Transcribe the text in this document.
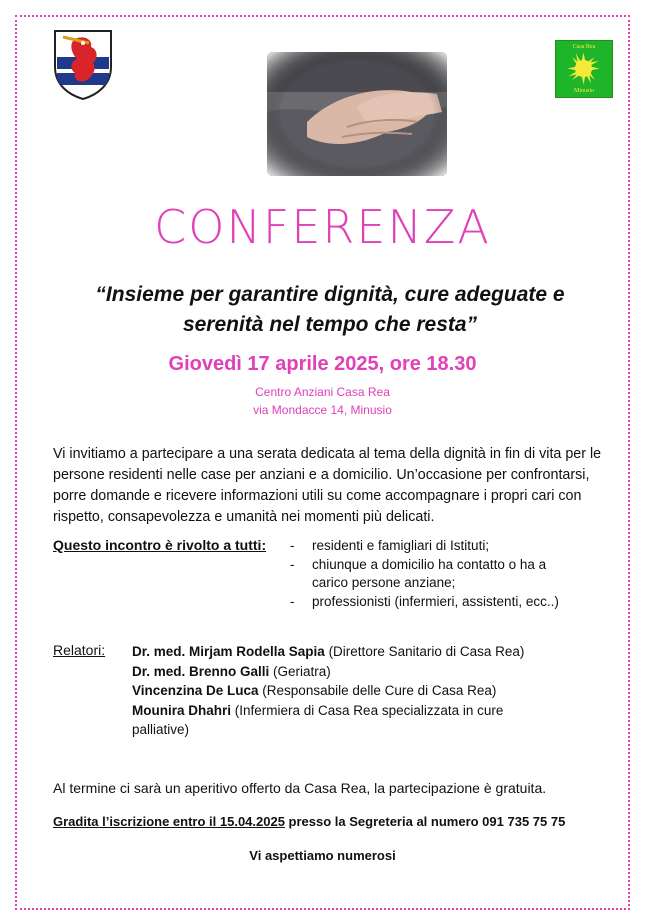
Casa Rea
Minusio
CONFERENZA
“Insieme per garantire dignità, cure adeguate e
serenità nel tempo che resta”
Giovedì 17 aprile 2025, ore 18.30
Centro Anziani Casa Rea
via Mondacce 14, Minusio
Vi invitiamo a partecipare a una serata dedicata al tema della dignità in fin di vita per le persone residenti nelle case per anziani e a domicilio. Un’occasione per confrontarsi, porre domande e ricevere informazioni utili su come accompagnare i propri cari con rispetto, consapevolezza e umanità nei momenti più delicati.
Questo incontro è rivolto a tutti: - residenti e famigliari di Istituti;
- chiunque a domicilio ha contatto o ha a carico persone anziane;
- professionisti (infermieri, assistenti, ecc..)
Relatori: Dr. med. Mirjam Rodella Sapia (Direttore Sanitario di Casa Rea)
Dr. med. Brenno Galli (Geriatra)
Vincenzina De Luca (Responsabile delle Cure di Casa Rea)
Mounira Dhahri (Infermiera di Casa Rea specializzata in cure palliative)
Al termine ci sarà un aperitivo offerto da Casa Rea, la partecipazione è gratuita.
Gradita l’iscrizione entro il 15.04.2025 presso la Segreteria al numero 091 735 75 75
Vi aspettiamo numerosi
